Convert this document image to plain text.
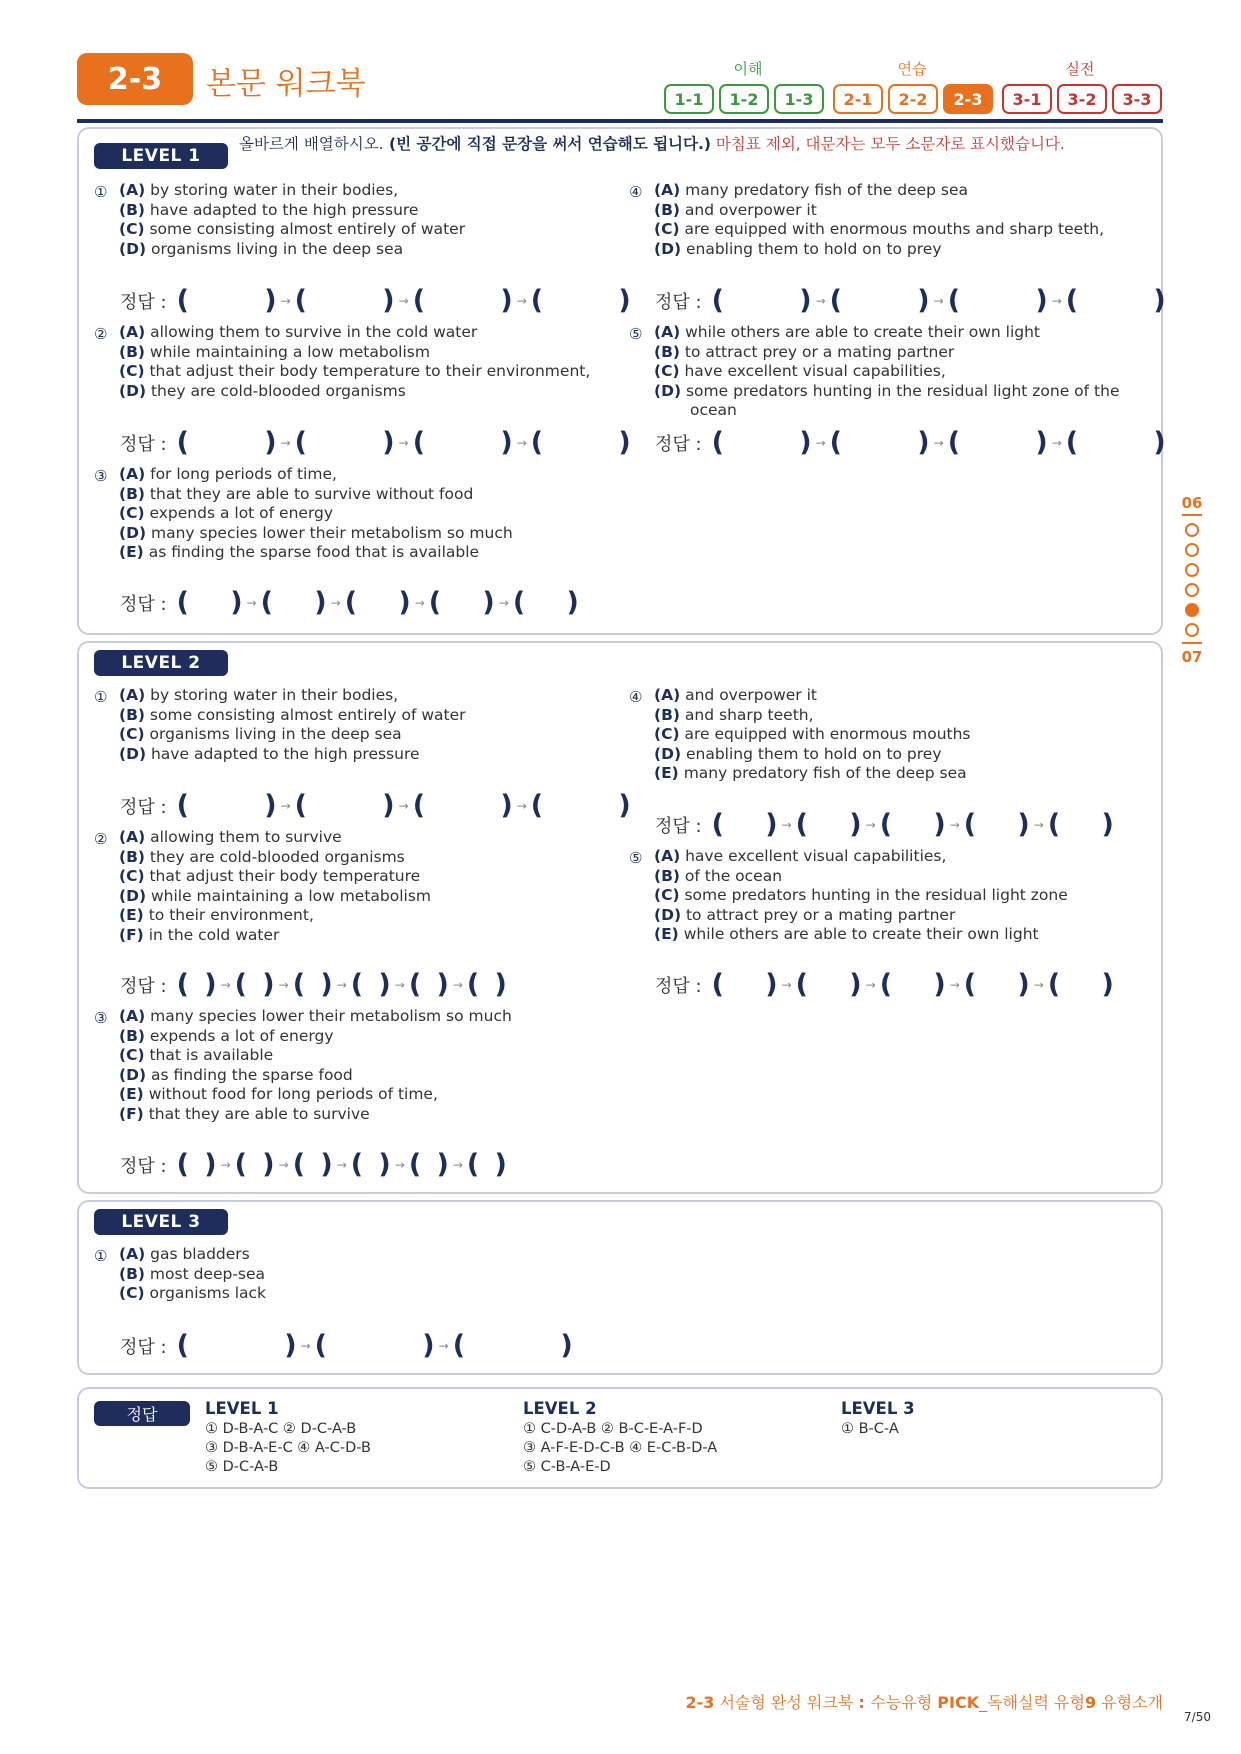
2-3	본문 워크북	이해	연습	실전
1-1	1-2	1-3	2-1	2-2	2-3	3-1	3-2	3-3
06
07
LEVEL 1
올바르게 배열하시오. (빈 공간에 직접 문장을 써서 연습해도 됩니다.) 마침표 제외, 대문자는 모두 소문자로 표시했습니다.
① (A) by storing water in their bodies,
(B) have adapted to the high pressure
(C) some consisting almost entirely of water
(D) organisms living in the deep sea
④ (A) many predatory fish of the deep sea
(B) and overpower it
(C) are equipped with enormous mouths and sharp teeth,
(D) enabling them to hold on to prey
정답 : (	) → (	) → (	) → (	) 정답 : (	) → (	) → (	) → (	)
② (A) allowing them to survive in the cold water
(B) while maintaining a low metabolism
(C) that adjust their body temperature to their environment,
(D) they are cold-blooded organisms
⑤ (A) while others are able to create their own light
(B) to attract prey or a mating partner
(C) have excellent visual capabilities,
(D) some predators hunting in the residual light zone of the
ocean
정답 : (	) → (	) → (	) → (	) 정답 : (	) → (	) → (	) → (	)
③ (A) for long periods of time,
(B) that they are able to survive without food
(C) expends a lot of energy
(D) many species lower their metabolism so much
(E) as finding the sparse food that is available
정답 : ( ) → ( ) → ( ) → ( ) → ( )
LEVEL 2
① (A) by storing water in their bodies,
(B) some consisting almost entirely of water
(C) organisms living in the deep sea
(D) have adapted to the high pressure
정답 : (	) → (	) → (	) → (	)
④ (A) and overpower it
(B) and sharp teeth,
(C) are equipped with enormous mouths
(D) enabling them to hold on to prey
(E) many predatory fish of the deep sea
정답 : ( ) → ( ) → ( ) → ( ) → ( )
② (A) allowing them to survive
(B) they are cold-blooded organisms
(C) that adjust their body temperature
(D) while maintaining a low metabolism
(E) to their environment,
(F) in the cold water
정답 : ( ) → ( ) → ( ) → ( ) → ( ) → ( )
⑤ (A) have excellent visual capabilities,
(B) of the ocean
(C) some predators hunting in the residual light zone
(D) to attract prey or a mating partner
(E) while others are able to create their own light
정답 : ( ) → ( ) → ( ) → ( ) → ( )
③ (A) many species lower their metabolism so much
(B) expends a lot of energy
(C) that is available
(D) as finding the sparse food
(E) without food for long periods of time,
(F) that they are able to survive
정답 : ( ) → ( ) → ( ) → ( ) → ( ) → ( )
LEVEL 3
① (A) gas bladders
(B) most deep-sea
(C) organisms lack
정답 : (	) → (	) → (	)
정답	LEVEL 1
① D-B-A-C ② D-C-A-B
③ D-B-A-E-C ④ A-C-D-B
⑤ D-C-A-B
LEVEL 2
① C-D-A-B ② B-C-E-A-F-D
③ A-F-E-D-C-B ④ E-C-B-D-A
⑤ C-B-A-E-D
LEVEL 3
① B-C-A
2-3 서술형 완성 워크북 : 수능유형 PICK_독해실력 유형9 유형소개
7/50
